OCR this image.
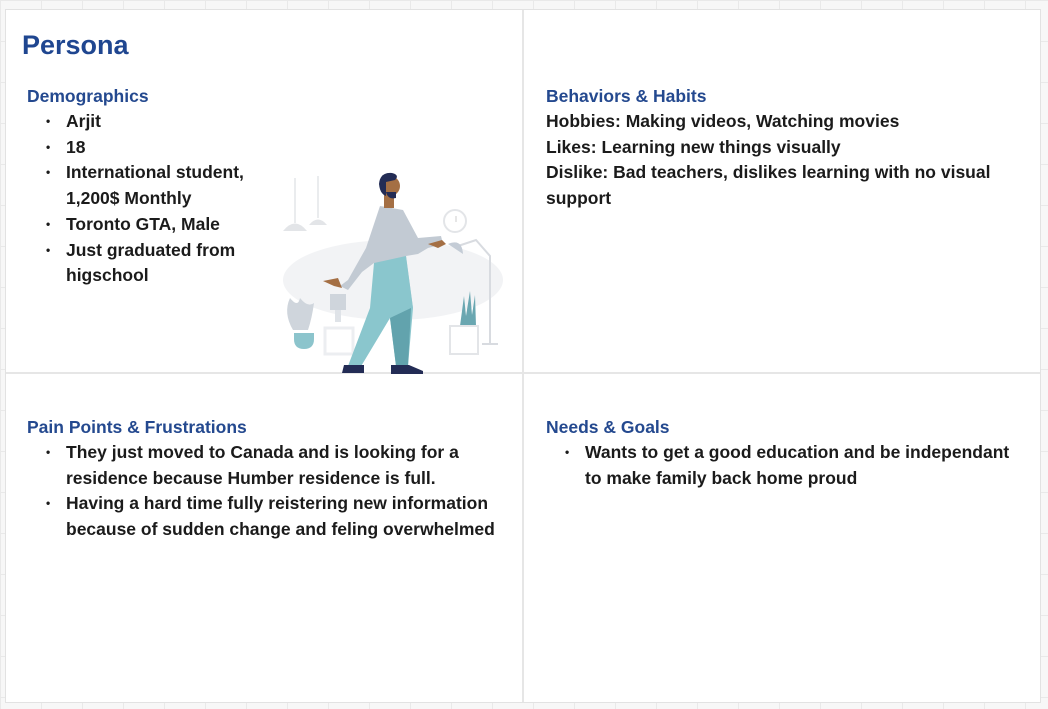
Persona
Demographics
• Arjit
• 18
• International student, 1,200$ Monthly
• Toronto GTA, Male
• Just graduated from higschool
Behaviors & Habits

Hobbies: Making videos, Watching movies

Likes: Learning new things visually

Dislike: Bad teachers, dislikes learning with no visual support

Pain Points & Frustrations
• They just moved to Canada and is looking for a residence because Humber residence is full.
• Having a hard time fully reistering new information because of sudden change and feling overwhelmed
Needs & Goals
• Wants to get a good education and be independant to make family back home proud
